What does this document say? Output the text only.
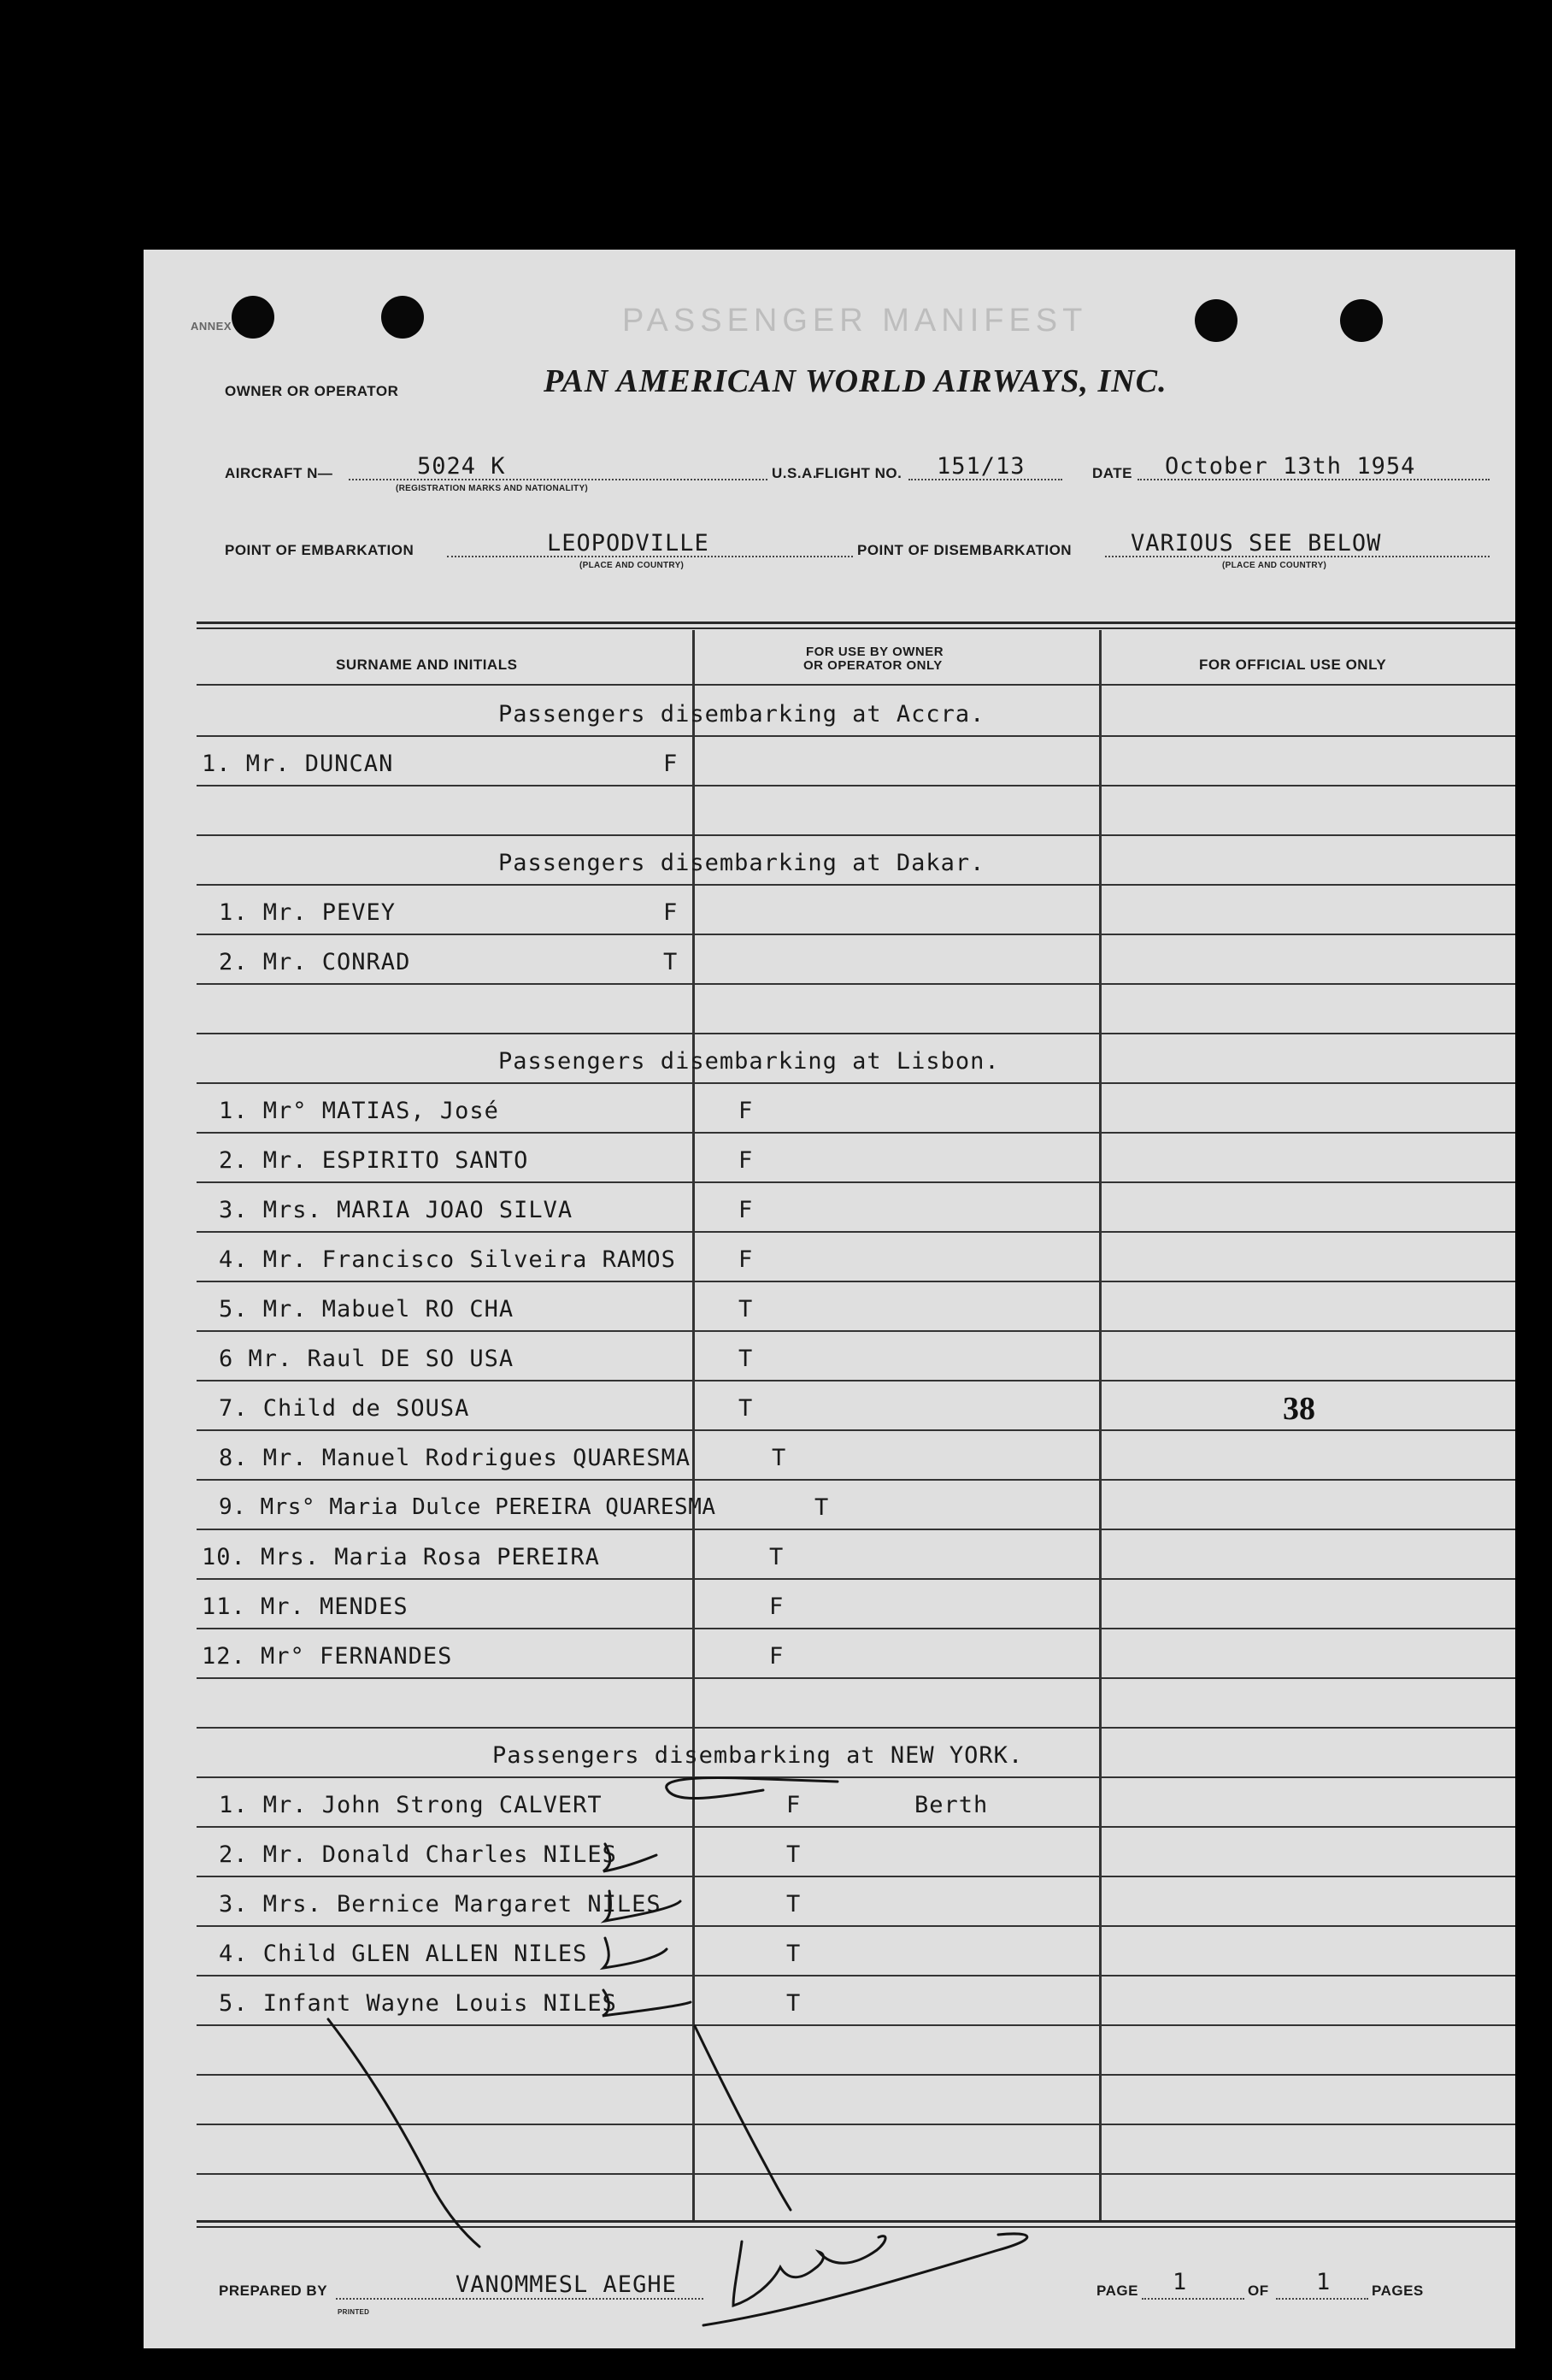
PASSENGER MANIFEST
ANNEX
OWNER OR OPERATOR	PAN AMERICAN WORLD AIRWAYS, INC.
AIRCRAFT N—	5024 K
(REGISTRATION MARKS AND NATIONALITY)
U.S.A.
FLIGHT NO. 151/13	DATE October 13th 1954
POINT OF EMBARKATION	LEOPODVILLE
(PLACE AND COUNTRY)
POINT OF DISEMBARKATION	VARIOUS SEE BELOW
(PLACE AND COUNTRY)
SURNAME AND INITIALS
FOR USE BY OWNER
OR OPERATOR ONLY	FOR OFFICIAL USE ONLY
Passengers disembarking at Accra.
1. Mr. DUNCAN	F
Passengers disembarking at Dakar.
1. Mr. PEVEY	F
2. Mr. CONRAD	T
Passengers disembarking at Lisbon.
1. Mr° MATIAS, José	F
2. Mr. ESPIRITO SANTO	F
3. Mrs. MARIA JOAO SILVA	F
4. Mr. Francisco Silveira RAMOS	F
5. Mr. Mabuel RO CHA	T
6 Mr. Raul DE SO USA	T
7. Child de SOUSA	T	38
8. Mr. Manuel Rodrigues QUARESMA	T
9. Mrs° Maria Dulce PEREIRA QUARESMA	T
10. Mrs. Maria Rosa PEREIRA	T
11. Mr. MENDES	F
12. Mr° FERNANDES	F
Passengers disembarking at NEW YORK.
1. Mr. John Strong CALVERT	F	Berth
2. Mr. Donald Charles NILES	T
3. Mrs. Bernice Margaret NILES	T
4. Child GLEN ALLEN NILES	T
5. Infant Wayne Louis NILES	T
PREPARED BY	VANOMMESL AEGHE
PRINTED
PAGE 1	OF 1	PAGES
